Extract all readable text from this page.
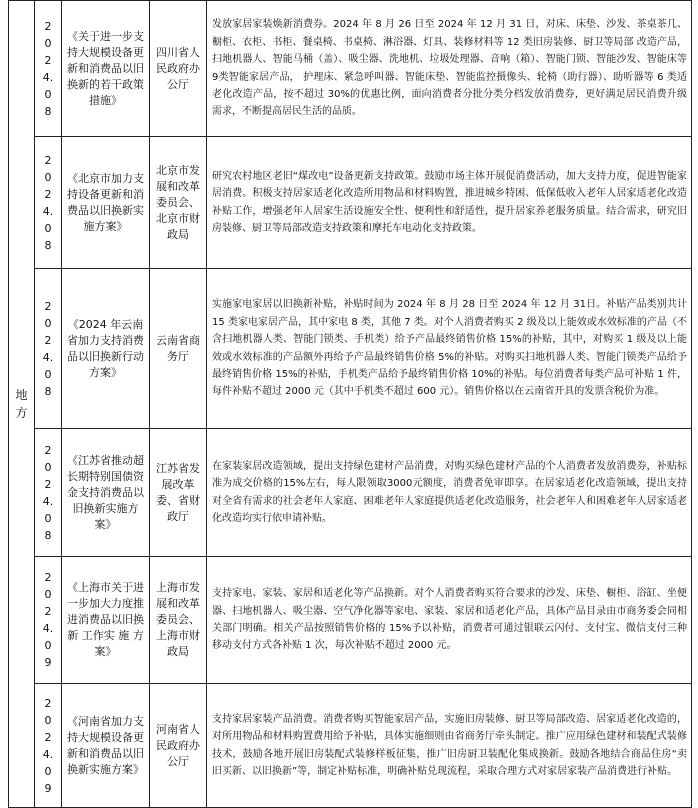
地方	2024.08	《关于进一步支持大规模设备更新和消费品以旧换新的若干政策措施》	四川省人民政府办公厅	发放家居家装焕新消费券。2024 年 8 月 26 日至 2024 年 12 月 31 日，对床、床垫、沙发、茶桌茶几、橱柜、衣柜、书柜、餐桌椅、书桌椅、淋浴器、灯具、装修材料等 12 类旧房装修、厨卫等局部 改造产品，扫地机器人、智能马桶（盖）、吸尘器、洗地机、垃圾处理器、音响（箱）、智能门锁、智能沙发、智能床等9类智能家居产品， 护理床、紧急呼叫器、智能床垫、智能监控摄像头、轮椅（助行器）、助听器等 6 类适老化改造产品，按不超过 30%的优惠比例，面向消费者分批分类分档发放消费券，更好满足居民消费升级需求，不断提高居民生活的品质。
	2024.08	《北京市加力支持设备更新和消费品以旧换新实施方案》	北京市发展和改革委员会、北京市财政局	研究农村地区老旧“煤改电”设备更新支持政策。鼓励市场主体开展促消费活动，加大支持力度，促进智能家居消费。积极支持居家适老化改造所用物品和材料购置，推进城乡特困、低保低收入老年人居家适老化改造补贴工作，增强老年人居家生活设施安全性、便利性和舒适性，提升居家养老服务质量。结合需求，研究旧房装修、厨卫等局部改造支持政策和摩托车电动化支持政策。
	2024.08	《2024 年云南省加力支持消费品以旧换新行动方案》	云南省商务厅	实施家电家居以旧换新补贴，补贴时间为 2024 年 8 月 28 日至 2024 年 12 月 31日。补贴产品类别共计 15 类家电家居产品，其中家电 8 类，其他 7 类。对个人消费者购买 2 级及以上能效或水效标准的产品（不含扫地机器人类、智能门锁类、手机类）给予产品最终销售价格 15%的补贴，其中，对购买 1 级及以上能效或水效标准的产品额外再给予产品最终销售价格 5%的补贴。对购买扫地机器人类、智能门锁类产品给予最终销售价格 15%的补贴，手机类产品给予最终销售价格 10%的补贴。每位消费者每类产品可补贴 1 件，每件补贴不超过 2000 元（其中手机类不超过 600 元）。销售价格以在云南省开具的发票含税价为准。
	2024.08	《江苏省推动超长期特别国债资金支持消费品以旧换新实施方案》	江苏省发展改革委、省财政厅	在家装家居改造领域，提出支持绿色建材产品消费，对购买绿色建材产品的个人消费者发放消费券，补贴标准为成交价格的15%左右，每人限领取3000元额度，消费者免审即享。在居家适老化改造领域，提出支持对全省有需求的社会老年人家庭、困难老年人家庭提供适老化改造服务，社会老年人和困难老年人居家适老化改造均实行依申请补贴。
	2024.09	《上海市关于进一步加大力度推进消费品以旧换新 工作实 施 方案》	上海市发展和改革委员会、上海市财政局	支持家电、家装、家居和适老化等产品换新。对个人消费者购买符合要求的沙发、床垫、橱柜、浴缸、坐便器、扫地机器人、吸尘器、空气净化器等家电、家装、家居和适老化产品，具体产品目录由市商务委会同相关部门明确。相关产品按照销售价格的 15%予以补贴，消费者可通过银联云闪付、支付宝、微信支付三种移动支付方式各补贴 1 次，每次补贴不超过 2000 元。
	2024.09	《河南省加力支持大规模设备更新和消费品以旧换新实施方案》	河南省人民政府办公厅	支持家居家装产品消费。消费者购买智能家居产品，实施旧房装修、厨卫等局部改造、居家适老化改造的，对所用物品和材料购置费用给予补贴，具体实施细则由省商务厅牵头制定。推广应用绿色建材和装配式装修技术，鼓励各地开展旧房装配式装修样板征集，推广旧房厨卫装配化集成换新。鼓励各地结合商品住房“卖旧买新、以旧换新”等，制定补贴标准，明确补贴兑现流程，采取合理方式对家居家装产品消费进行补贴。
